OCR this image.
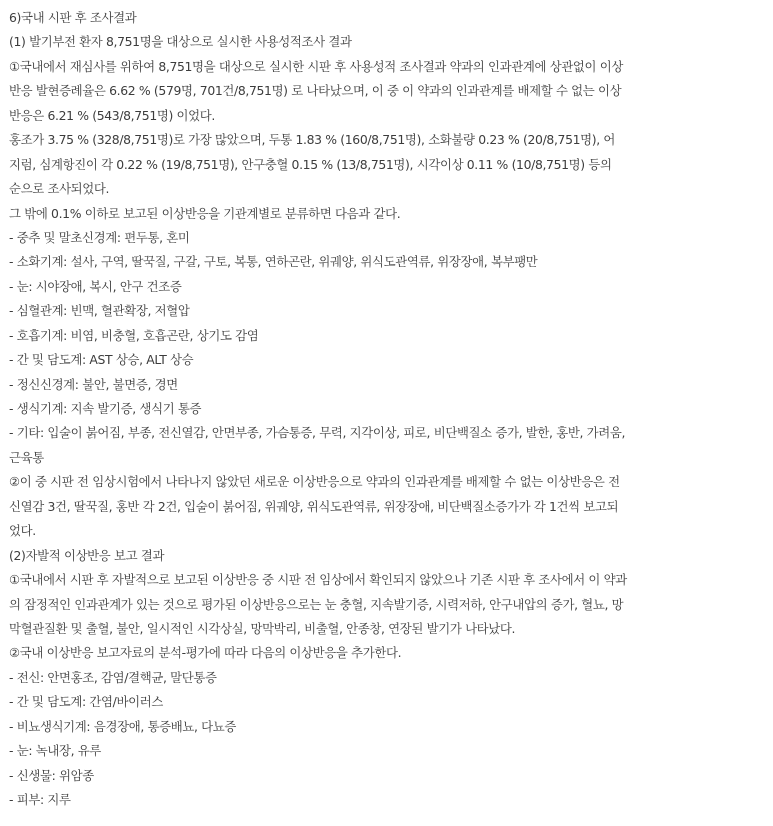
6)국내 시판 후 조사결과
(1) 발기부전 환자 8,751명을 대상으로 실시한 사용성적조사 결과
①국내에서 재심사를 위하여 8,751명을 대상으로 실시한 시판 후 사용성적 조사결과 약과의 인과관계에 상관없이 이상
반응 발현증례율은 6.62 % (579명, 701건/8,751명) 로 나타났으며, 이 중 이 약과의 인과관계를 배제할 수 없는 이상
반응은 6.21 % (543/8,751명) 이었다.
홍조가 3.75 % (328/8,751명)로 가장 많았으며, 두통 1.83 % (160/8,751명), 소화불량 0.23 % (20/8,751명), 어
지럼, 심계항진이 각 0.22 % (19/8,751명), 안구충혈 0.15 % (13/8,751명), 시각이상 0.11 % (10/8,751명) 등의
순으로 조사되었다.
그 밖에 0.1% 이하로 보고된 이상반응을 기관계별로 분류하면 다음과 같다.
- 중추 및 말초신경계: 편두통, 혼미
- 소화기계: 설사, 구역, 딸꾹질, 구갈, 구토, 복통, 연하곤란, 위궤양, 위식도관역류, 위장장애, 복부팽만
- 눈: 시야장애, 복시, 안구 건조증
- 심혈관계: 빈맥, 혈관확장, 저혈압
- 호흡기계: 비염, 비충혈, 호흡곤란, 상기도 감염
- 간 및 담도계: AST 상승, ALT 상승
- 정신신경계: 불안, 불면증, 경면
- 생식기계: 지속 발기증, 생식기 통증
- 기타: 입술이 붉어짐, 부종, 전신열감, 안면부종, 가슴통증, 무력, 지각이상, 피로, 비단백질소 증가, 발한, 홍반, 가려움,
근육통
②이 중 시판 전 임상시험에서 나타나지 않았던 새로운 이상반응으로 약과의 인과관계를 배제할 수 없는 이상반응은 전
신열감 3건, 딸꾹질, 홍반 각 2건, 입술이 붉어짐, 위궤양, 위식도관역류, 위장장애, 비단백질소증가가 각 1건씩 보고되
었다.
(2)자발적 이상반응 보고 결과
①국내에서 시판 후 자발적으로 보고된 이상반응 중 시판 전 임상에서 확인되지 않았으나 기존 시판 후 조사에서 이 약과
의 잠정적인 인과관계가 있는 것으로 평가된 이상반응으로는 눈 충혈, 지속발기증, 시력저하, 안구내압의 증가, 혈뇨, 망
막혈관질환 및 출혈, 불안, 일시적인 시각상실, 망막박리, 비출혈, 안종창, 연장된 발기가 나타났다.
②국내 이상반응 보고자료의 분석-평가에 따라 다음의 이상반응을 추가한다.
- 전신: 안면홍조, 감염/결핵균, 말단통증
- 간 및 담도계: 간염/바이러스
- 비뇨생식기계: 음경장애, 통증배뇨, 다뇨증
- 눈: 녹내장, 유루
- 신생물: 위암종
- 피부: 지루
